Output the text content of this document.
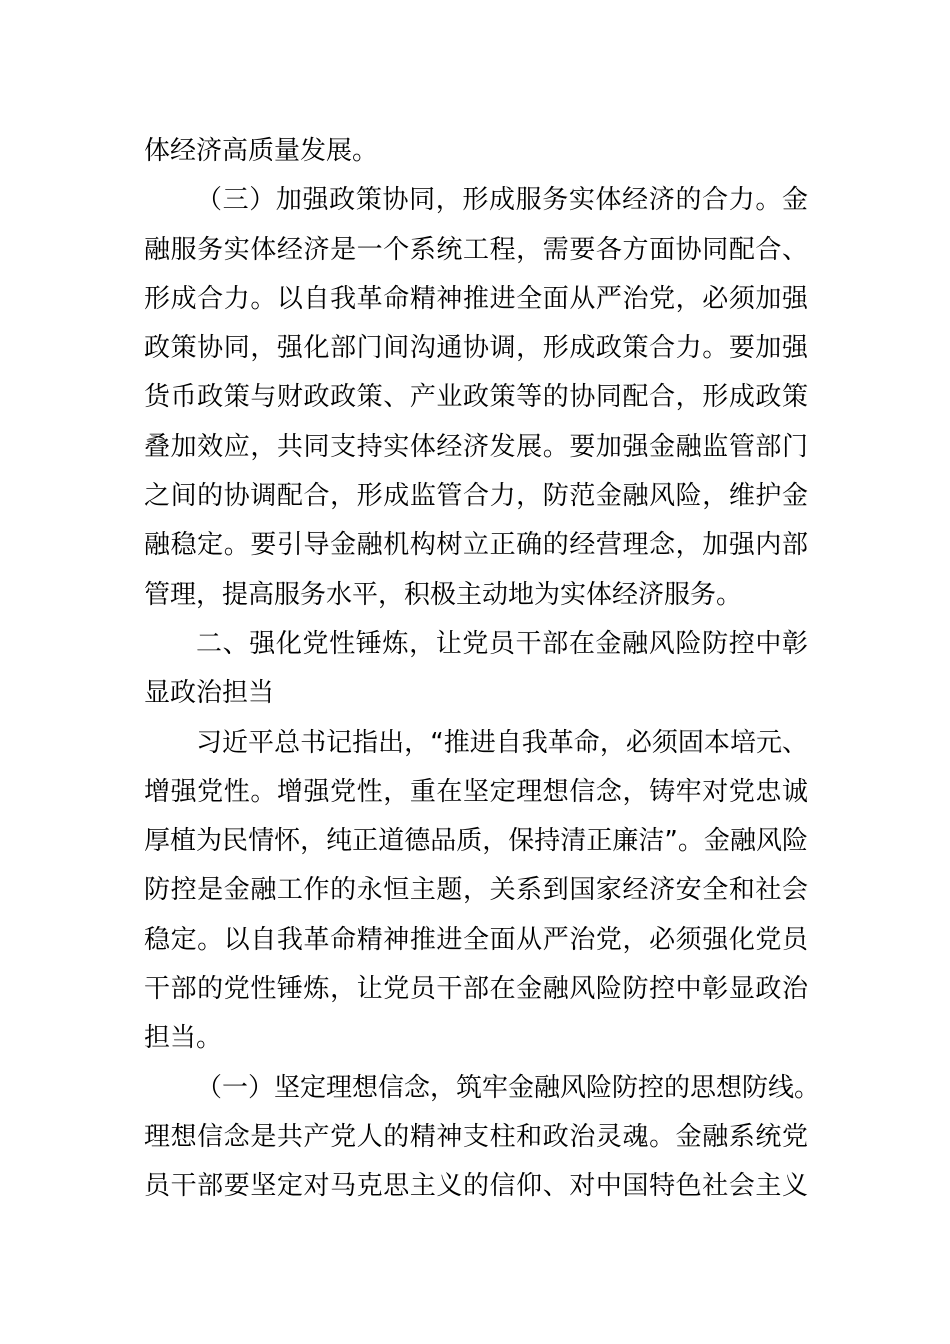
体经济高质量发展。
（三）加强政策协同，形成服务实体经济的合力。金
融服务实体经济是一个系统工程，需要各方面协同配合、
形成合力。以自我革命精神推进全面从严治党，必须加强
政策协同，强化部门间沟通协调，形成政策合力。要加强
货币政策与财政政策、产业政策等的协同配合，形成政策
叠加效应，共同支持实体经济发展。要加强金融监管部门
之间的协调配合，形成监管合力，防范金融风险，维护金
融稳定。要引导金融机构树立正确的经营理念，加强内部
管理，提高服务水平，积极主动地为实体经济服务。
二、强化党性锤炼，让党员干部在金融风险防控中彰
显政治担当
习近平总书记指出，“推进自我革命，必须固本培元、
增强党性。增强党性，重在坚定理想信念，铸牢对党忠诚
厚植为民情怀，纯正道德品质，保持清正廉洁”。金融风险
防控是金融工作的永恒主题，关系到国家经济安全和社会
稳定。以自我革命精神推进全面从严治党，必须强化党员
干部的党性锤炼，让党员干部在金融风险防控中彰显政治
担当。
（一）坚定理想信念，筑牢金融风险防控的思想防线。
理想信念是共产党人的精神支柱和政治灵魂。金融系统党
员干部要坚定对马克思主义的信仰、对中国特色社会主义
